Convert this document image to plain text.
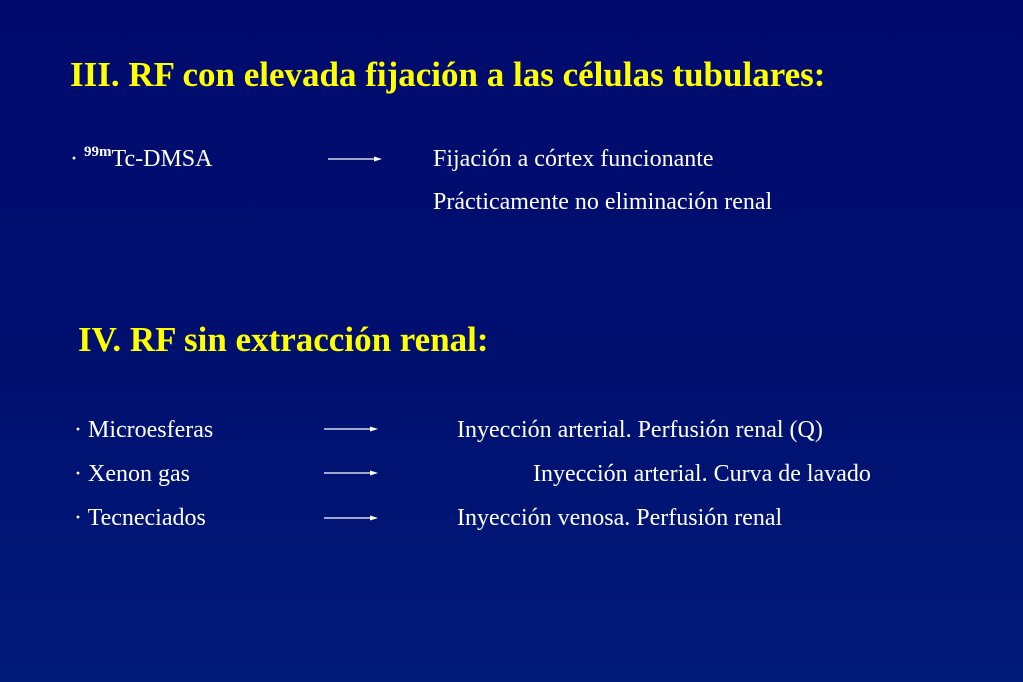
III. RF con elevada fijación a las células tubulares:
· $^{99m}$Tc-DMSA	Fijación a córtex funcionante
Prácticamente no eliminación renal
IV. RF sin extracción renal:
· Microesferas	Inyección arterial. Perfusión renal (Q)
· Xenon gas	Inyección arterial. Curva de lavado
· Tecneciados	Inyección venosa. Perfusión renal
